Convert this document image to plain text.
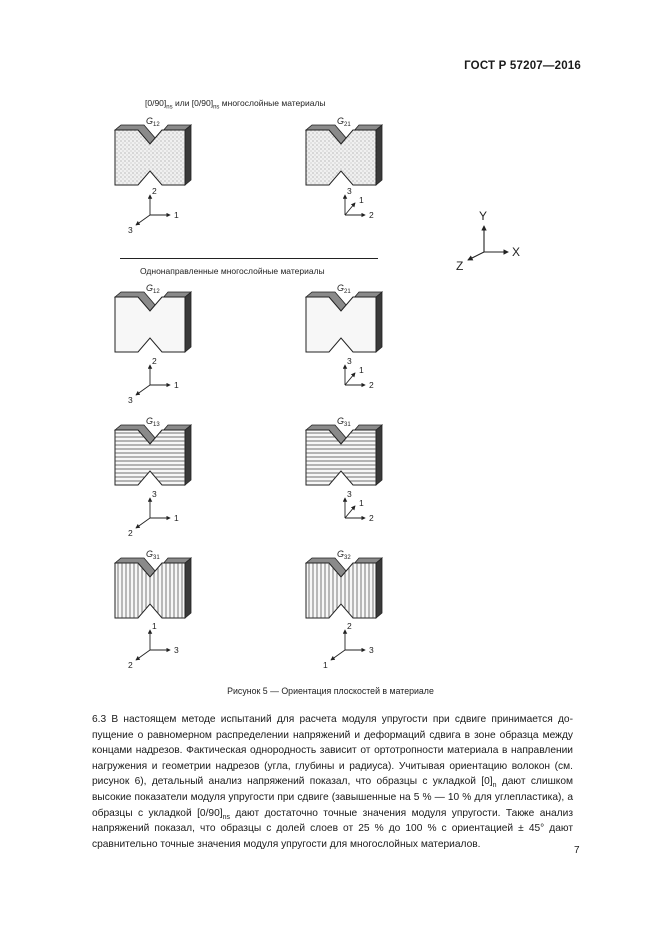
ГОСТ Р 57207—2016
$[0/90]_{ns}$ или $[0/90]_{ns}$ многослойные материалы
Однонаправленные многослойные материалы
$G_{12}$
2
1
3
$G_{21}$
3
2
1
$G_{12}$
2
1
3
$G_{21}$
3
2
1
$G_{13}$
3
1
2
$G_{31}$
3
2
1
$G_{31}$
1
3
2
$G_{32}$
2
3
1
Y
X
Z
Рисунок 5 — Ориентация плоскостей в материале

6.3 В настоящем методе испытаний для расчета модуля упругости при сдвиге принимается допущение о равномерном распределении напряжений и деформаций сдвига в зоне образца между концами надрезов. Фактическая однородность зависит от ортотропности материала в направлении нагружения и геометрии надрезов (угла, глубины и радиуса). Учитывая ориентацию волокон (см. рисунок 6), детальный анализ напряжений показал, что образцы с укладкой $[0]_n$ дают слишком высокие показатели модуля упругости при сдвиге (завышенные на 5 % — 10 % для углепластика), а образцы с укладкой $[0/90]_{ns}$ дают достаточно точные значения модуля упругости. Также анализ напряжений показал, что образцы с долей слоев от 25 % до 100 % с ориентацией ± 45° дают сравнительно точные значения модуля упругости для многослойных материалов.

7
